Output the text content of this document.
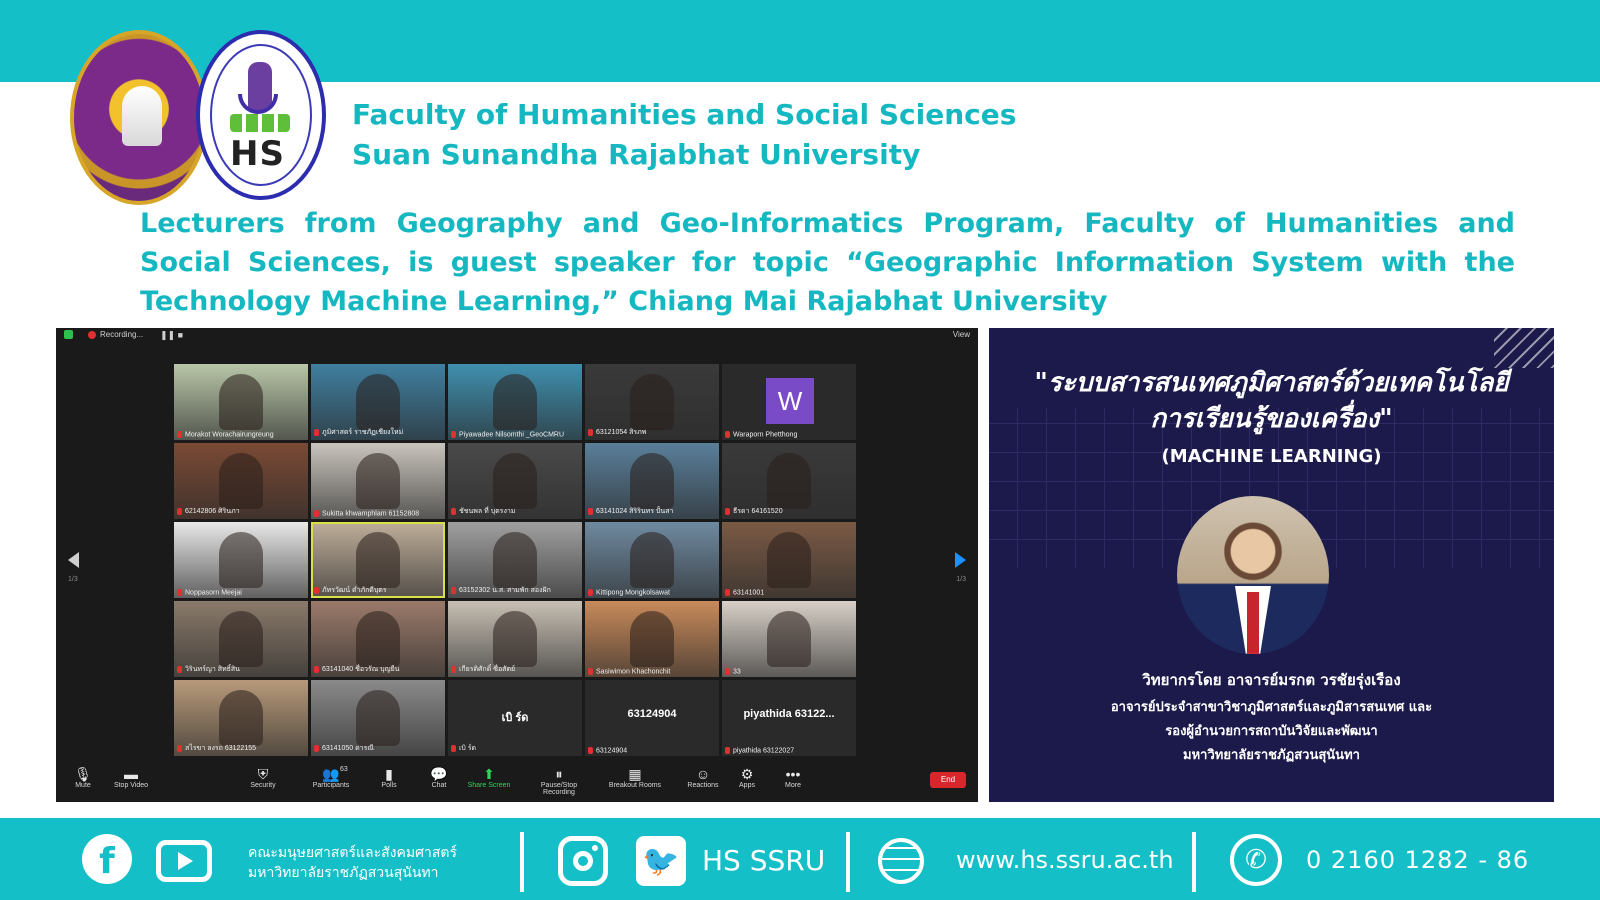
HS
Faculty of Humanities and Social Sciences
Suan Sunandha Rajabhat University
Lecturers from Geography and Geo-Informatics Program, Faculty of Humanities and Social Sciences, is guest speaker for topic “Geographic Information System with the Technology Machine Learning,” Chiang Mai Rajabhat University
Recording... ❚❚ ■	View
1/3	1/3
Morakot Worachairungreung	ภูมิศาสตร์ ราชภัฏเชียงใหม่	Piyawadee Nilsomthi _GeoCMRU	63121054 สิรภพ
W
Waraporn Phetthong
62142806 ศิรินภา	Sukitta khwamphlam 61152808	ชัชนพล ที่ บุตรงาม	63141024 สิริรินทร ปั้นสา	ธีรดา 64161520
Noppasorn Meejai	ภัทรวัฒน์ ตำภักดีบุตร	63152302 น.ส. สามพัก สองฝัก	Kittipong Mongkolsawat	63141001
วิรินทร์ญา สิทธิ์สิน	63141040 ชื่อวรัณ บุญยืน	เกียรติศักดิ์ ซื่อสัตย์	Sasiwimon Khachonchit	33
สไรขา ลงรถ 63122155	63141050 ดารณี
เบิ ร์ด
เบิ ร์ด
63124904
63124904
piyathida 63122...
piyathida 63122027
End
🎙
Mute
▬
Stop Video
⛨
Security
👥
Participants
63	▮
Polls
💬
Chat
⬆
Share Screen
⏸
Pause/Stop Recording
▦
Breakout Rooms
☺
Reactions
⚙
Apps
•••
More
"ระบบสารสนเทศภูมิศาสตร์ด้วยเทคโนโลยี
การเรียนรู้ของเครื่อง"
(MACHINE LEARNING)
วิทยากรโดย อาจารย์มรกต วรชัยรุ่งเรือง
อาจารย์ประจำสาขาวิชาภูมิศาสตร์และภูมิสารสนเทศ และ
รองผู้อำนวยการสถาบันวิจัยและพัฒนา
มหาวิทยาลัยราชภัฏสวนสุนันทา
f	คณะมนุษยศาสตร์และสังคมศาสตร์
มหาวิทยาลัยราชภัฏสวนสุนันทา	🐦 HS SSRU	www.hs.ssru.ac.th	✆	0 2160 1282 - 86
